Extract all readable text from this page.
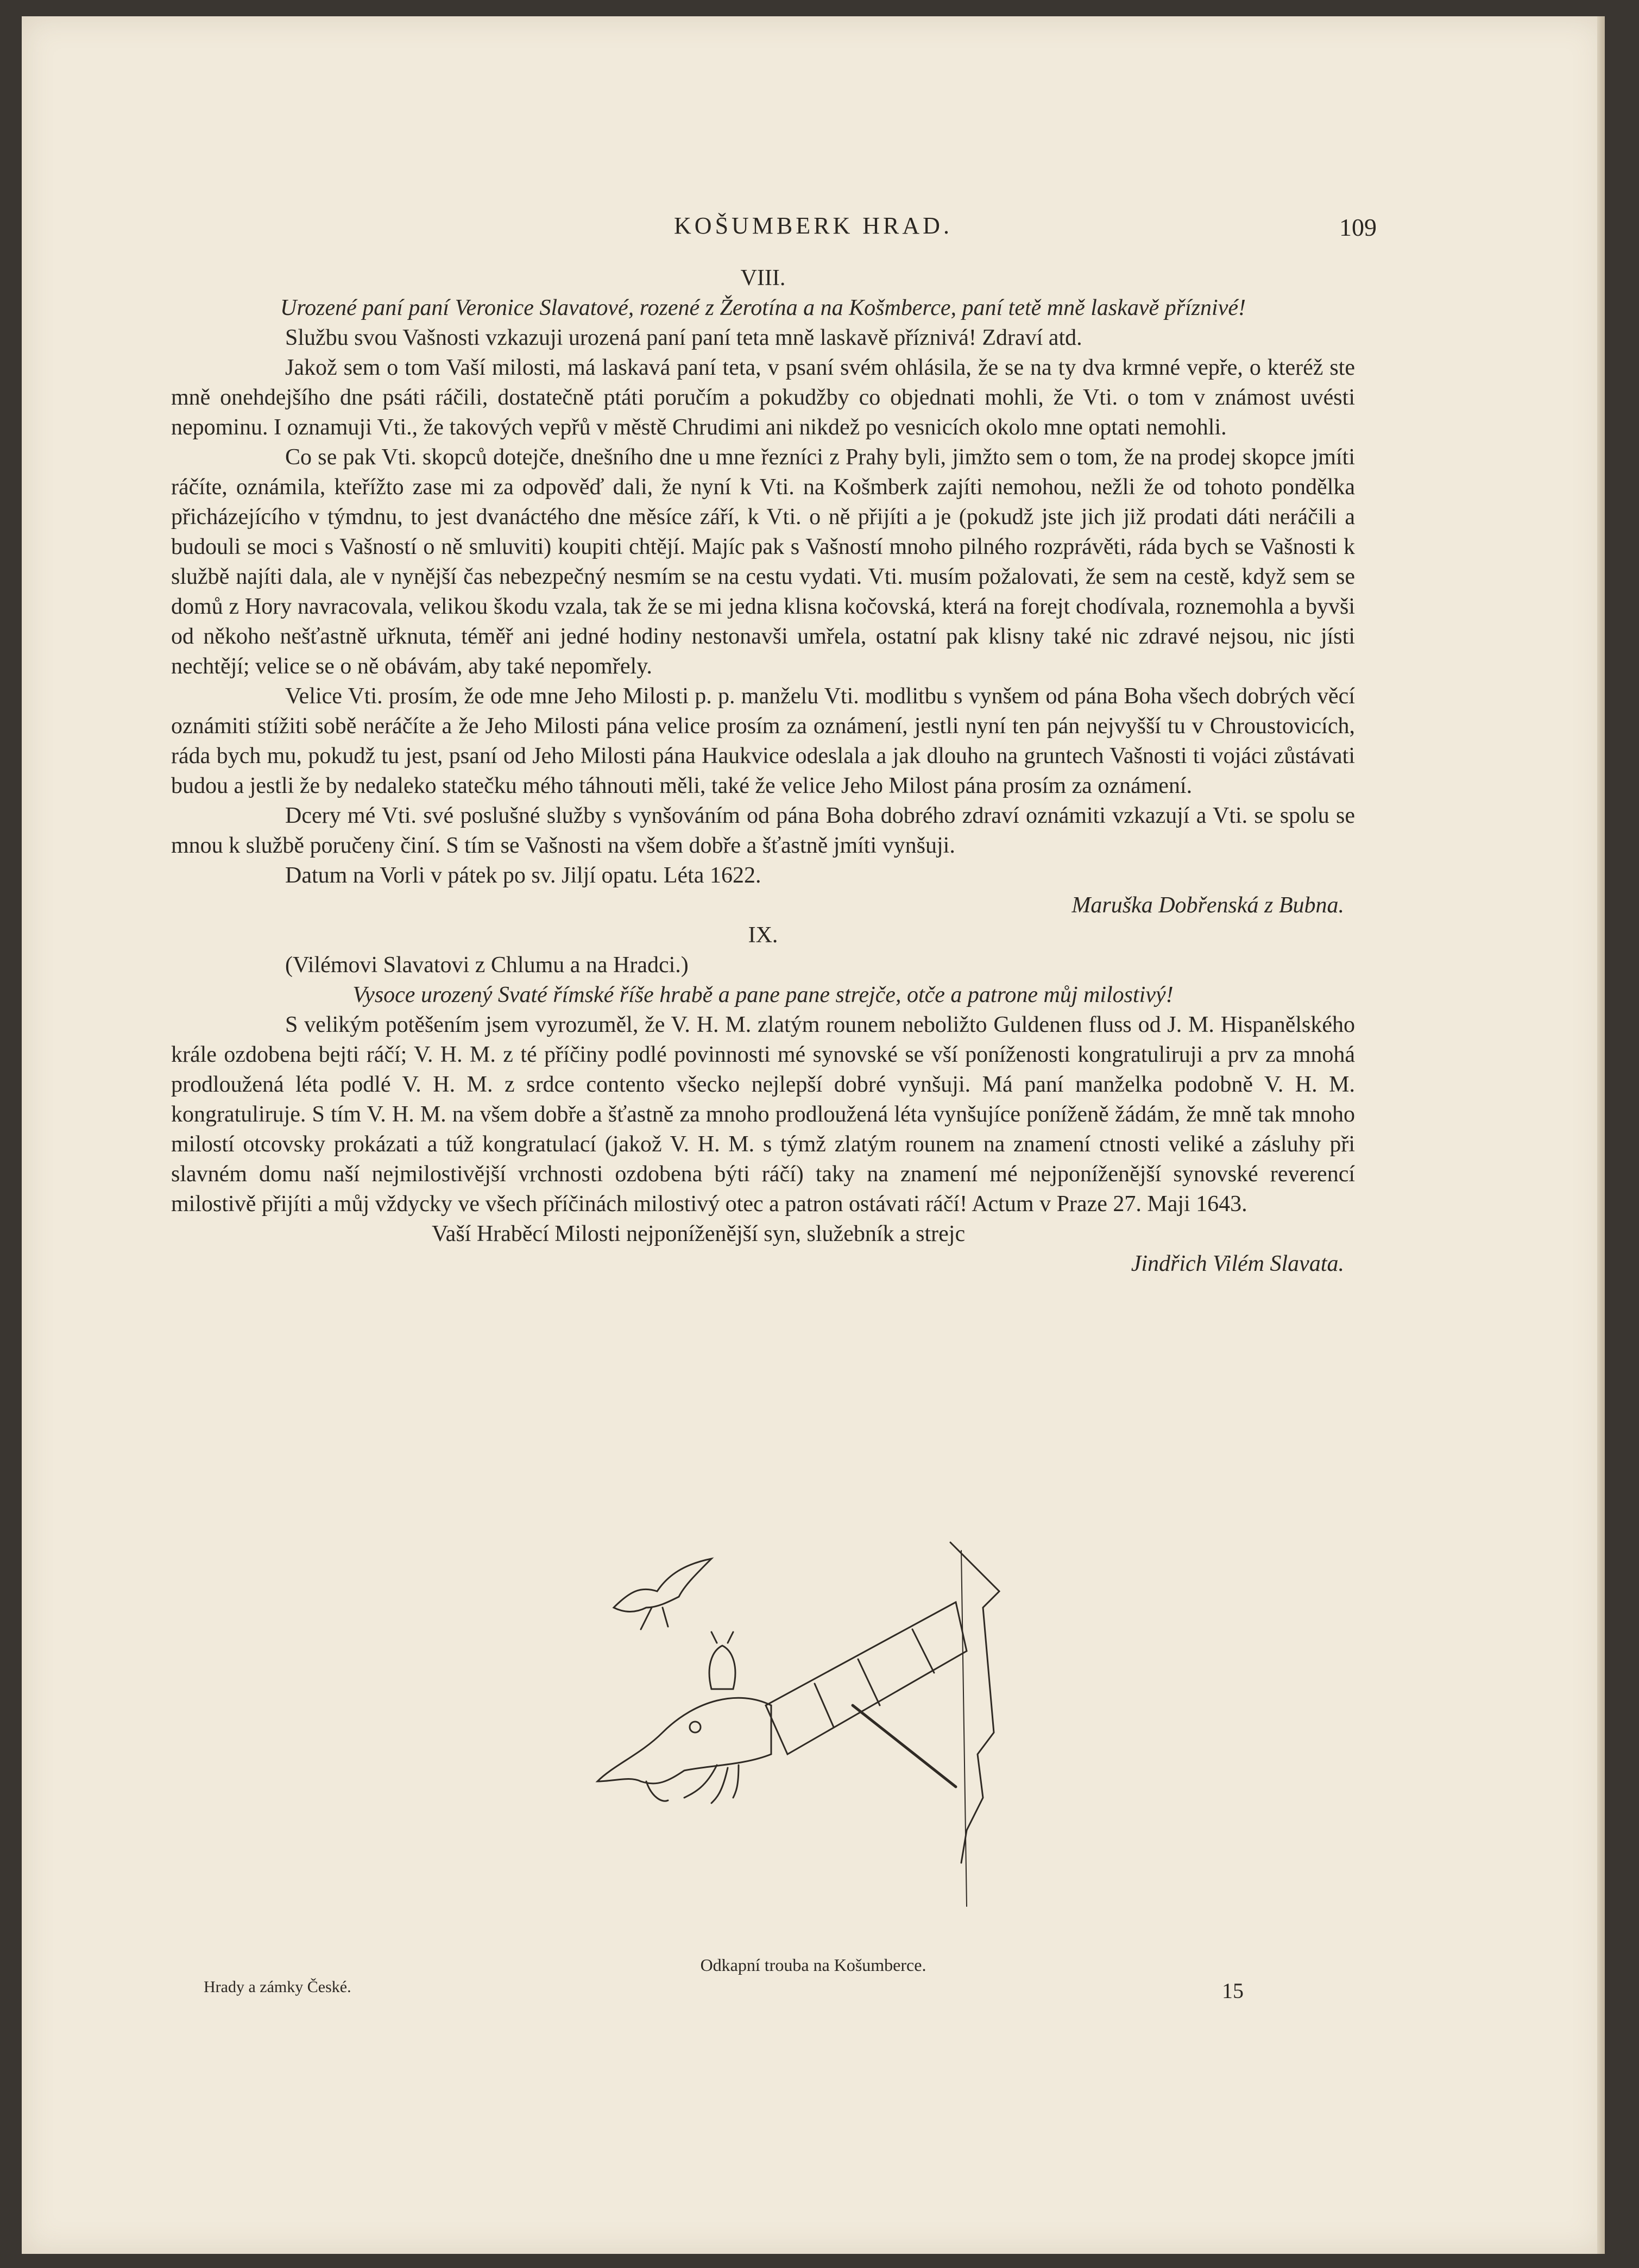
KOŠUMBERK HRAD.	109

VIII.

Urozené paní paní Veronice Slavatové, rozené z Žerotína a na Košmberce, paní tetě mně laskavě příznivé!

Službu svou Vašnosti vzkazuji urozená paní paní teta mně laskavě příznivá! Zdraví atd.

Jakož sem o tom Vaší milosti, má laskavá paní teta, v psaní svém ohlásila, že se na ty dva krmné vepře, o kteréž ste mně onehdejšího dne psáti ráčili, dostatečně ptáti poručím a pokudžby co objednati mohli, že Vti. o tom v známost uvésti nepominu. I oznamuji Vti., že takových vepřů v městě Chrudimi ani nikdež po vesnicích okolo mne optati nemohli.

Co se pak Vti. skopců dotejče, dnešního dne u mne řezníci z Prahy byli, jimžto sem o tom, že na prodej skopce jmíti ráčíte, oznámila, kteřížto zase mi za odpověď dali, že nyní k Vti. na Košmberk zajíti nemohou, nežli že od tohoto pondělka přicházejícího v týmdnu, to jest dvanáctého dne měsíce září, k Vti. o ně přijíti a je (pokudž jste jich již prodati dáti neráčili a budouli se moci s Vašností o ně smluviti) koupiti chtějí. Majíc pak s Vašností mnoho pilného rozprávěti, ráda bych se Vašnosti k službě najíti dala, ale v nynější čas nebezpečný nesmím se na cestu vydati. Vti. musím požalovati, že sem na cestě, když sem se domů z Hory navracovala, velikou škodu vzala, tak že se mi jedna klisna kočovská, která na forejt chodívala, roznemohla a byvši od někoho nešťastně uřknuta, téměř ani jedné hodiny nestonavši umřela, ostatní pak klisny také nic zdravé nejsou, nic jísti nechtějí; velice se o ně obávám, aby také nepomřely.

Velice Vti. prosím, že ode mne Jeho Milosti p. p. manželu Vti. modlitbu s vynšem od pána Boha všech dobrých věcí oznámiti stížiti sobě neráčíte a že Jeho Milosti pána velice prosím za oznámení, jestli nyní ten pán nejvyšší tu v Chroustovicích, ráda bych mu, pokudž tu jest, psaní od Jeho Milosti pána Haukvice odeslala a jak dlouho na gruntech Vašnosti ti vojáci zůstávati budou a jestli že by nedaleko statečku mého táhnouti měli, také že velice Jeho Milost pána prosím za oznámení.

Dcery mé Vti. své poslušné služby s vynšováním od pána Boha dobrého zdraví oznámiti vzkazují a Vti. se spolu se mnou k službě poručeny činí. S tím se Vašnosti na všem dobře a šťastně jmíti vynšuji.

Datum na Vorli v pátek po sv. Jiljí opatu. Léta 1622.

Maruška Dobřenská z Bubna.

IX.

(Vilémovi Slavatovi z Chlumu a na Hradci.)

Vysoce urozený Svaté římské říše hrabě a pane pane strejče, otče a patrone můj milostivý!

S velikým potěšením jsem vyrozuměl, že V. H. M. zlatým rounem neboližto Guldenen fluss od J. M. Hispanělského krále ozdobena bejti ráčí; V. H. M. z té příčiny podlé povinnosti mé synovské se vší poníženosti kongratuliruji a prv za mnohá prodloužená léta podlé V. H. M. z srdce contento všecko nejlepší dobré vynšuji. Má paní manželka podobně V. H. M. kongratuliruje. S tím V. H. M. na všem dobře a šťastně za mnoho prodloužená léta vynšujíce poníženě žádám, že mně tak mnoho milostí otcovsky prokázati a túž kongratulací (jakož V. H. M. s týmž zlatým rounem na znamení ctnosti veliké a zásluhy při slavném domu naší nejmilostivější vrchnosti ozdobena býti ráčí) taky na znamení mé nejponíženější synovské reverencí milostivě přijíti a můj vždycky ve všech příčinách milostivý otec a patron ostávati ráčí! Actum v Praze 27. Maji 1643.

Vaší Hraběcí Milosti nejponíženější syn, služebník a strejc

Jindřich Vilém Slavata.

Odkapní trouba na Košumberce.
Hrady a zámky České.	15
